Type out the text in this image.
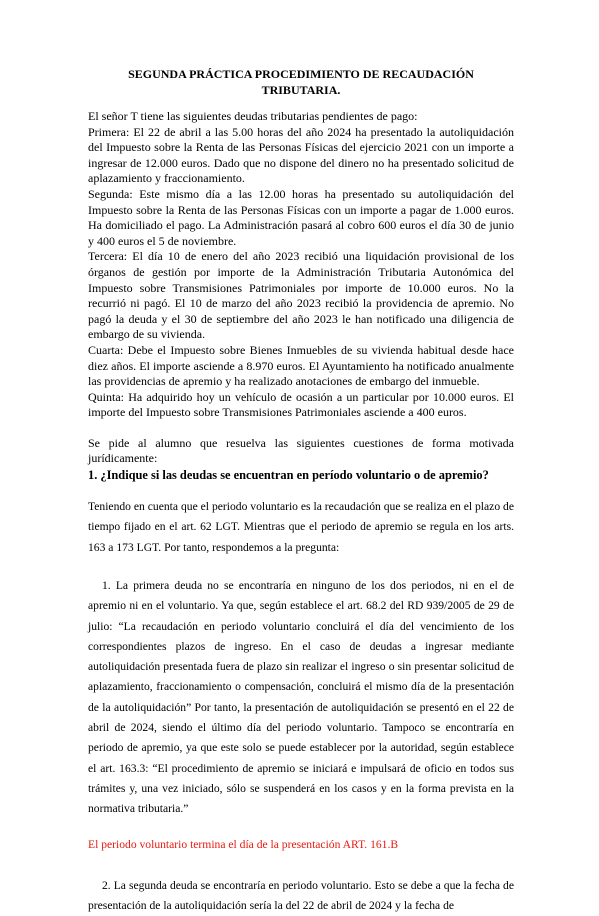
SEGUNDA PRÁCTICA PROCEDIMIENTO DE RECAUDACIÓN
TRIBUTARIA.

El señor T tiene las siguientes deudas tributarias pendientes de pago:

Primera: El 22 de abril a las 5.00 horas del año 2024 ha presentado la autoliquidación del Impuesto sobre la Renta de las Personas Físicas del ejercicio 2021 con un importe a ingresar de 12.000 euros. Dado que no dispone del dinero no ha presentado solicitud de aplazamiento y fraccionamiento.

Segunda: Este mismo día a las 12.00 horas ha presentado su autoliquidación del Impuesto sobre la Renta de las Personas Físicas con un importe a pagar de 1.000 euros. Ha domiciliado el pago. La Administración pasará al cobro 600 euros el día 30 de junio y 400 euros el 5 de noviembre.

Tercera: El día 10 de enero del año 2023 recibió una liquidación provisional de los órganos de gestión por importe de la Administración Tributaria Autonómica del Impuesto sobre Transmisiones Patrimoniales por importe de 10.000 euros. No la recurrió ni pagó. El 10 de marzo del año 2023 recibió la providencia de apremio. No pagó la deuda y el 30 de septiembre del año 2023 le han notificado una diligencia de embargo de su vivienda.

Cuarta: Debe el Impuesto sobre Bienes Inmuebles de su vivienda habitual desde hace diez años. El importe asciende a 8.970 euros. El Ayuntamiento ha notificado anualmente las providencias de apremio y ha realizado anotaciones de embargo del inmueble.

Quinta: Ha adquirido hoy un vehículo de ocasión a un particular por 10.000 euros. El importe del Impuesto sobre Transmisiones Patrimoniales asciende a 400 euros.

Se pide al alumno que resuelva las siguientes cuestiones de forma motivada jurídicamente:

1. ¿Indique si las deudas se encuentran en período voluntario o de apremio?

Teniendo en cuenta que el periodo voluntario es la recaudación que se realiza en el plazo de tiempo fijado en el art. 62 LGT. Mientras que el periodo de apremio se regula en los arts. 163 a 173 LGT. Por tanto, respondemos a la pregunta:

1. La primera deuda no se encontraría en ninguno de los dos periodos, ni en el de apremio ni en el voluntario. Ya que, según establece el art. 68.2 del RD 939/2005 de 29 de julio: “La recaudación en periodo voluntario concluirá el día del vencimiento de los correspondientes plazos de ingreso. En el caso de deudas a ingresar mediante autoliquidación presentada fuera de plazo sin realizar el ingreso o sin presentar solicitud de aplazamiento, fraccionamiento o compensación, concluirá el mismo día de la presentación de la autoliquidación” Por tanto, la presentación de autoliquidación se presentó en el 22 de abril de 2024, siendo el último día del periodo voluntario. Tampoco se encontraría en periodo de apremio, ya que este solo se puede establecer por la autoridad, según establece el art. 163.3: “El procedimiento de apremio se iniciará e impulsará de oficio en todos sus trámites y, una vez iniciado, sólo se suspenderá en los casos y en la forma prevista en la normativa tributaria.”

El periodo voluntario termina el día de la presentación ART. 161.B

2. La segunda deuda se encontraría en periodo voluntario. Esto se debe a que la fecha de presentación de la autoliquidación sería la del 22 de abril de 2024 y la fecha de
